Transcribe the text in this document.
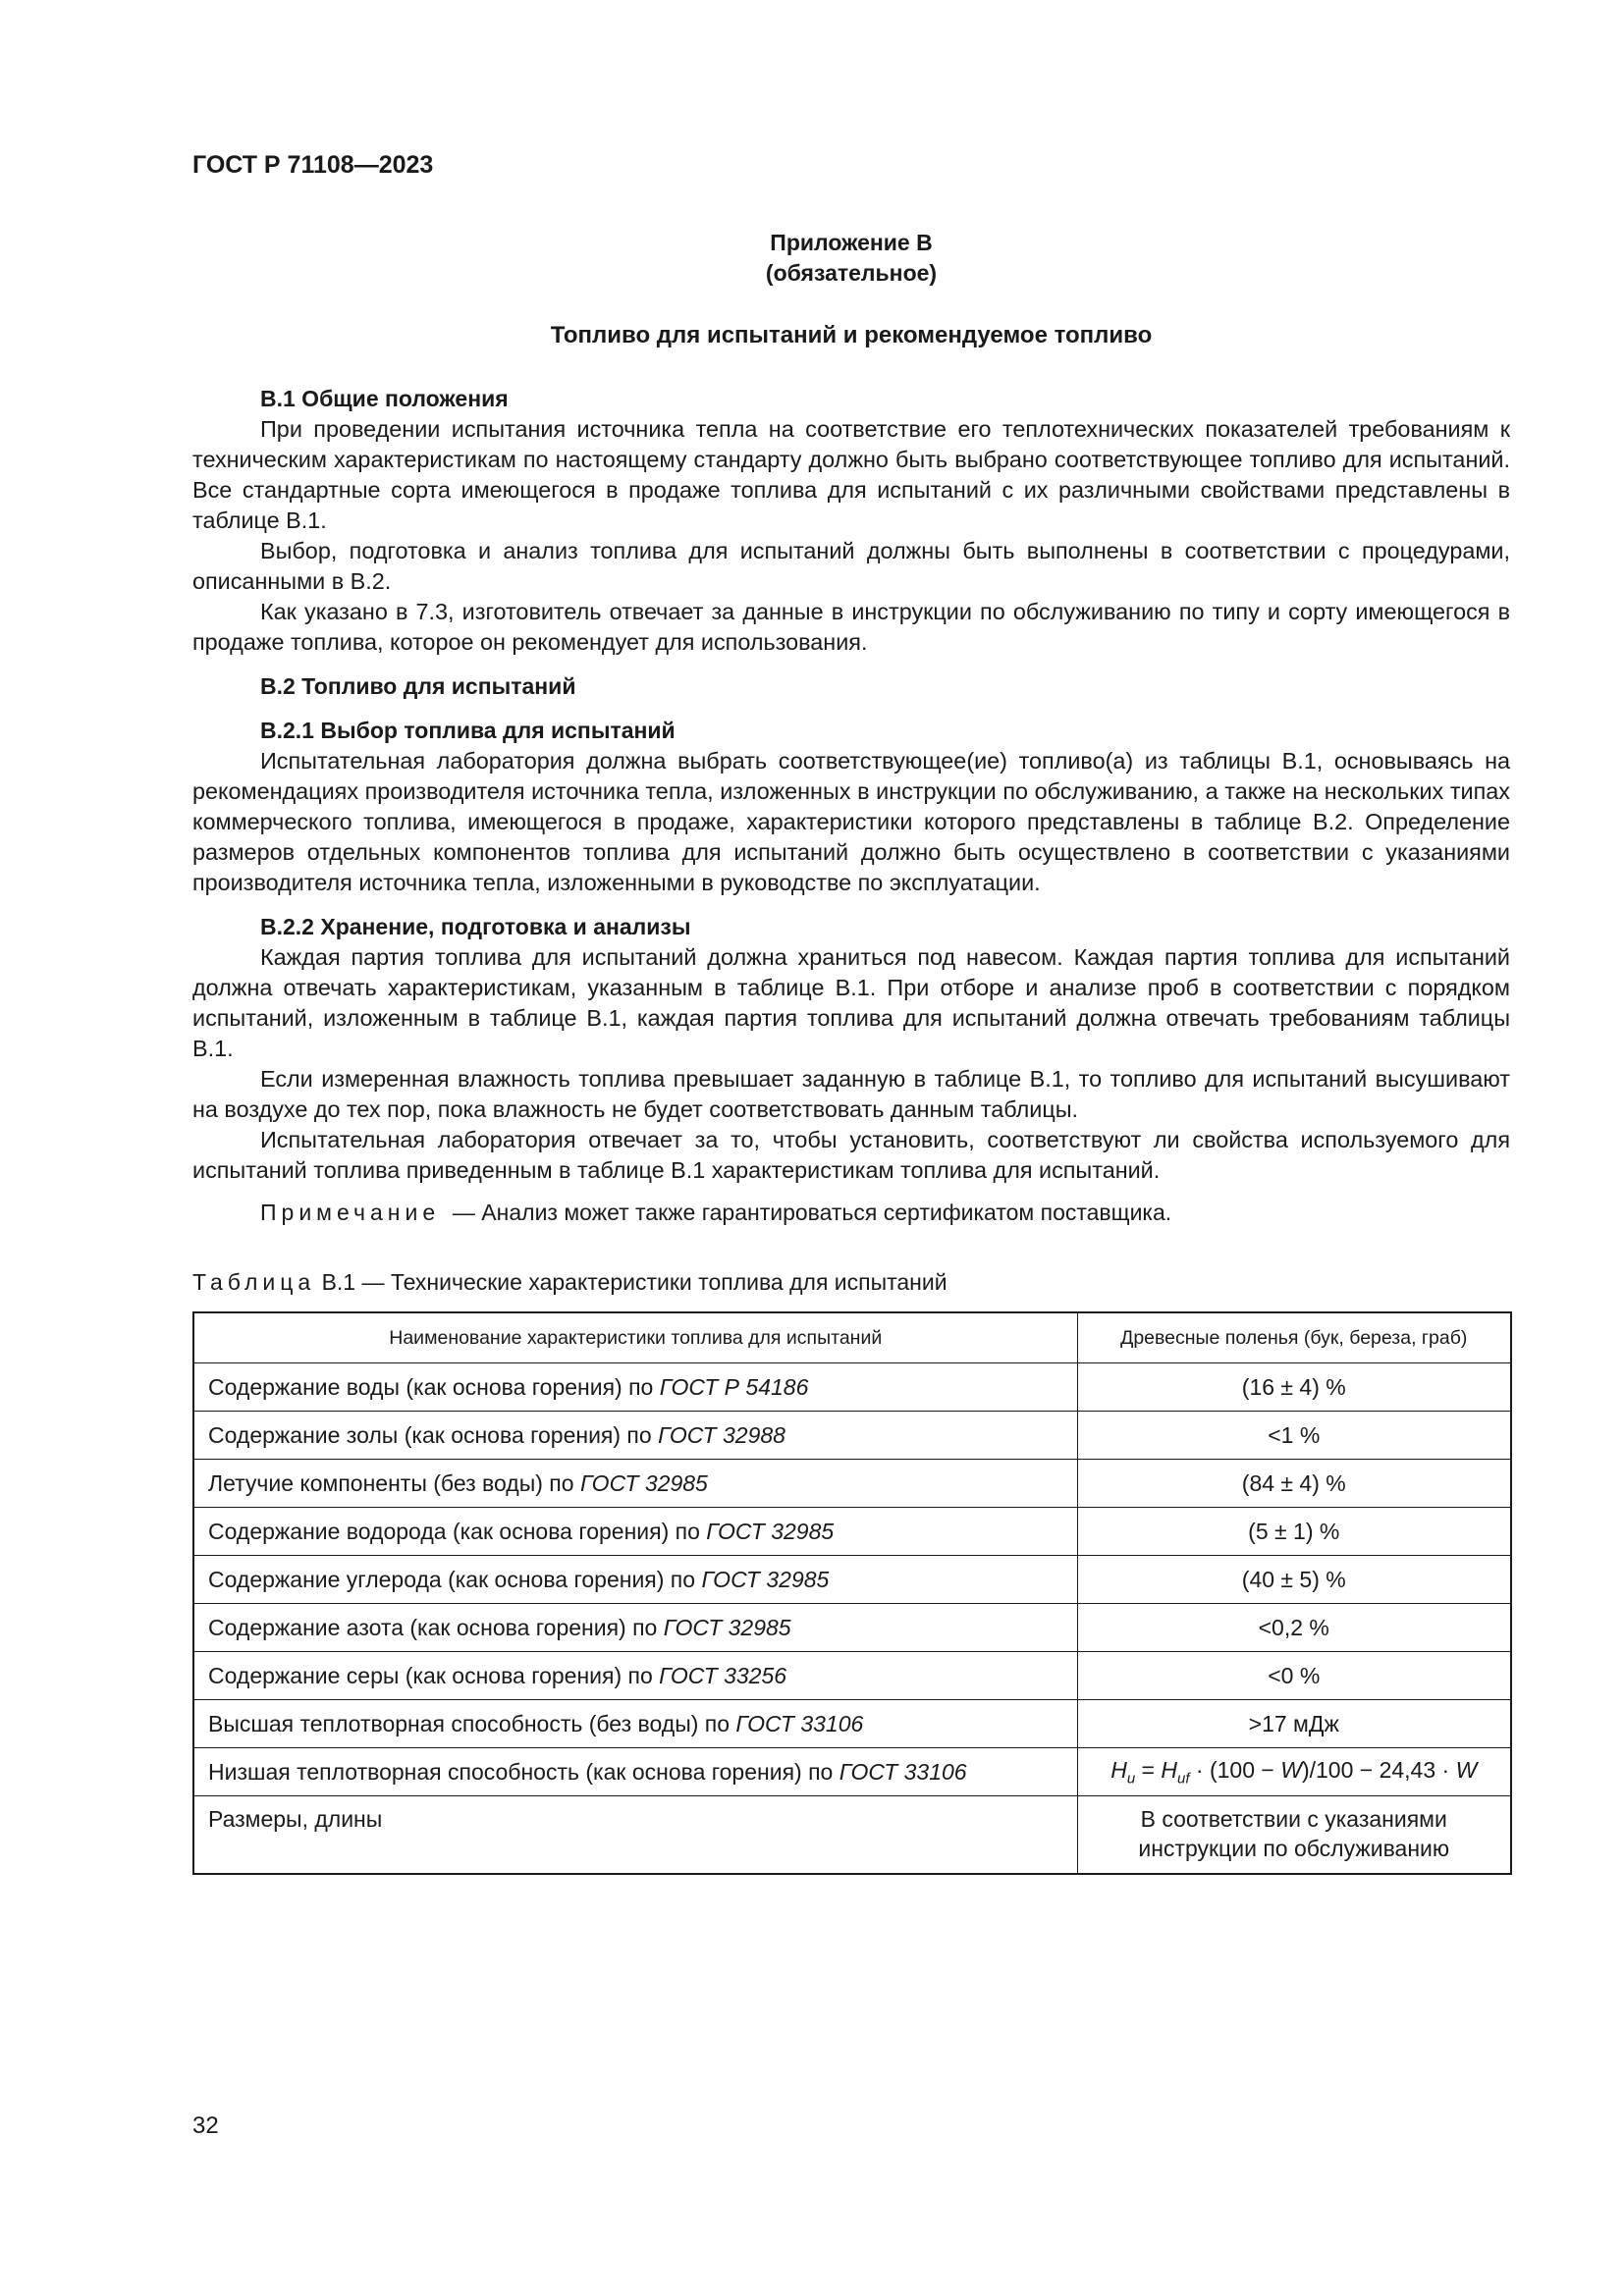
ГОСТ Р 71108—2023
Приложение В
(обязательное)
Топливо для испытаний и рекомендуемое топливо
В.1 Общие положения

При проведении испытания источника тепла на соответствие его теплотехнических показателей требованиям к техническим характеристикам по настоящему стандарту должно быть выбрано соответствующее топливо для испытаний. Все стандартные сорта имеющегося в продаже топлива для испытаний с их различными свойствами представлены в таблице В.1.

Выбор, подготовка и анализ топлива для испытаний должны быть выполнены в соответствии с процедурами, описанными в В.2.

Как указано в 7.3, изготовитель отвечает за данные в инструкции по обслуживанию по типу и сорту имеющегося в продаже топлива, которое он рекомендует для использования.

В.2 Топливо для испытаний
В.2.1 Выбор топлива для испытаний

Испытательная лаборатория должна выбрать соответствующее(ие) топливо(а) из таблицы В.1, основываясь на рекомендациях производителя источника тепла, изложенных в инструкции по обслуживанию, а также на нескольких типах коммерческого топлива, имеющегося в продаже, характеристики которого представлены в таблице В.2. Определение размеров отдельных компонентов топлива для испытаний должно быть осуществлено в соответствии с указаниями производителя источника тепла, изложенными в руководстве по эксплуатации.

В.2.2 Хранение, подготовка и анализы

Каждая партия топлива для испытаний должна храниться под навесом. Каждая партия топлива для испытаний должна отвечать характеристикам, указанным в таблице В.1. При отборе и анализе проб в соответствии с порядком испытаний, изложенным в таблице В.1, каждая партия топлива для испытаний должна отвечать требованиям таблицы В.1.

Если измеренная влажность топлива превышает заданную в таблице В.1, то топливо для испытаний высушивают на воздухе до тех пор, пока влажность не будет соответствовать данным таблицы.

Испытательная лаборатория отвечает за то, чтобы установить, соответствуют ли свойства используемого для испытаний топлива приведенным в таблице В.1 характеристикам топлива для испытаний.

Примечание — Анализ может также гарантироваться сертификатом поставщика.
Таблица В.1 — Технические характеристики топлива для испытаний
Наименование характеристики топлива для испытаний	Древесные поленья (бук, береза, граб)
Содержание воды (как основа горения) по ГОСТ Р 54186	(16 ± 4) %
Содержание золы (как основа горения) по ГОСТ 32988	<1 %
Летучие компоненты (без воды) по ГОСТ 32985	(84 ± 4) %
Содержание водорода (как основа горения) по ГОСТ 32985	(5 ± 1) %
Содержание углерода (как основа горения) по ГОСТ 32985	(40 ± 5) %
Содержание азота (как основа горения) по ГОСТ 32985	<0,2 %
Содержание серы (как основа горения) по ГОСТ 33256	<0 %
Высшая теплотворная способность (без воды) по ГОСТ 33106	>17 мДж
Низшая теплотворная способность (как основа горения) по ГОСТ 33106	$H_u = H_{uf} \cdot (100 - W)/100 - 24,43 \cdot W$
Размеры, длины	В соответствии с указаниями инструкции по обслуживанию
32
